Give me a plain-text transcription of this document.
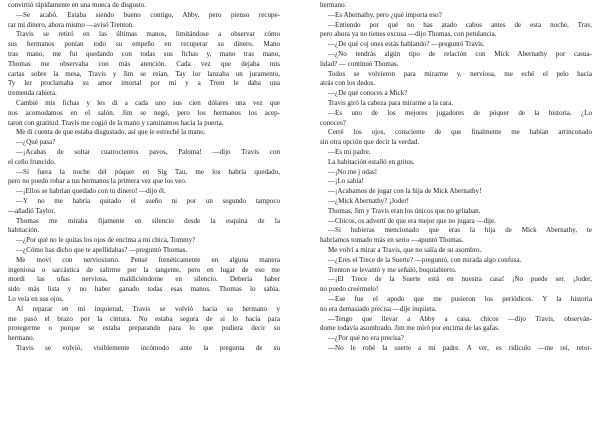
convirtió rápidamente en una mueca de disgusto.
—Se acabó. Estaba siendo bueno contigo, Abby, pero pienso recupe-
rar mi dinero, ahora mismo —avisó Trenton.
Travis se retiró en las últimas manos, limitándose a observar cómo
sus hermanos ponían todo su empeño en recuperar su dinero. Mano
tras mano, me fui quedando con todas sus fichas y, mano tras mano,
Thomas me observaba con más atención. Cada vez que dejaba mis
cartas sobre la mesa, Travis y Jim se reían, Tay lor lanzaba un juramento,
Ty ler proclamaba su amor imortal por mí y a Trent le daba una
tremenda rabieta.
Cambié mis fichas y les di a cada uno sus cien dólares una vez que
nos acomodamos en el salón. Jim se negó, pero los hermanos los acep-
taron con gratitud. Travis me cogió de la mano y caminamos hacia la puerta.
Me di cuenta de que estaba disgustado, así que le estreché la mano.
—¿Qué pasa?
—¡Acabas de soltar cuatrocientos pavos, Paloma! —dijo Travis con
el ceño fruncido.
—Si fuera la noche del póquer en Sig Tau, me los habría quedado,
pero no puedo robar a tus hermanos la primera vez que los veo.
—¡Ellos se habrían quedado con tu dinero! —dijo él.
—Y no me habría quitado el sueño ni por un segundo tampoco
—añadió Taylor.
Thomas me miraba fijamente en silencio desde la esquina de la
habitación.
—¿Por qué no le quitas los ojos de encima a mi chica, Tommy?
—¿Cómo has dicho que te apellidabas? —preguntó Thomas.
Me moví con nerviosismo. Pensé frenéticamente en alguna manera
ingeniosa o sarcástica de salirme por la tangente, pero en lugar de eso me
mordí las uñas nerviosa, maldiciéndome en silencio. Debería haber
sido más lista y no haber ganado todas esas manos. Thomas lo sabía.
Lo veía en sus ojos.
Al reparar en mi inquietud, Travis se volvió hacia su hermano y
me pasó el brazo por la cintura. No estaba segura de si lo hacía para
protegerme o porque se estaba preparando para lo que pudiera decir su
hermano.
Travis se volvió, visiblemente incómodo ante la pregunta de su
hermano.
—Es Abernathy, pero ¿qué importa eso?
—Entiendo por qué no has atado cabos antes de esta noche, Trav,
pero ahora ya no tienes excusa —dijo Thomas, con petulancia.
—¿De qué coj ones estás hablando? —preguntó Travis.
—¿No tendrás algún tipo de relación con Mick Abernathy por casua-
lidad? — continuó Thomas.
Todos se volvieron para mirarme y, nerviosa, me eché el pelo hacia
atrás con los dedos.
—¿De qué conoces a Mick?
Travis giró la cabeza para mirarme a la cara.
—Es uno de los mejores jugadores de póquer de la historia. ¿Lo
conoces?
Cerré los ojos, consciente de que finalmente me habían arrinconado
sin otra opción que decir la verdad.
—Es mi padre.
La habitación estalló en gritos.
—¡No me j odas!
—¡Lo sabía!
—¡Acabamos de jugar con la hija de Mick Abernathy!
—¿Mick Abernathy? ¡Joder!
Thomas, Jim y Travis eran los únicos que no gritaban.
—Chicos, os advertí de que era mejor que no jugara —dije.
—Si hubieras mencionado que eras la hija de Mick Abernathy, te
habríamos tomado más en serio —apuntó Thomas.
Me volví a mirar a Travis, que no salía de su asombro.
—¿Eres el Trece de la Suerte? —preguntó, con mirada algo confusa.
Trenton se levantó y me señaló, boquiabierto.
—¡El Trece de la Suerte está en nuestra casa! ¡No puede ser. ¡Joder,
no puedo creérmelo!
—Ese fue el apodo que me pusieron los periódicos. Y la historia
no era demasiado precisa —dije inquieta.
—Tengo que llevar a Abby a casa, chicos —dijo Travis, observán-
dome todavía asombrado. Jim me miró por encima de las gafas.
—¿Por qué no era precisa?
—No le robé la suerte a mi padre. A ver, es ridículo —me reí, retor-
